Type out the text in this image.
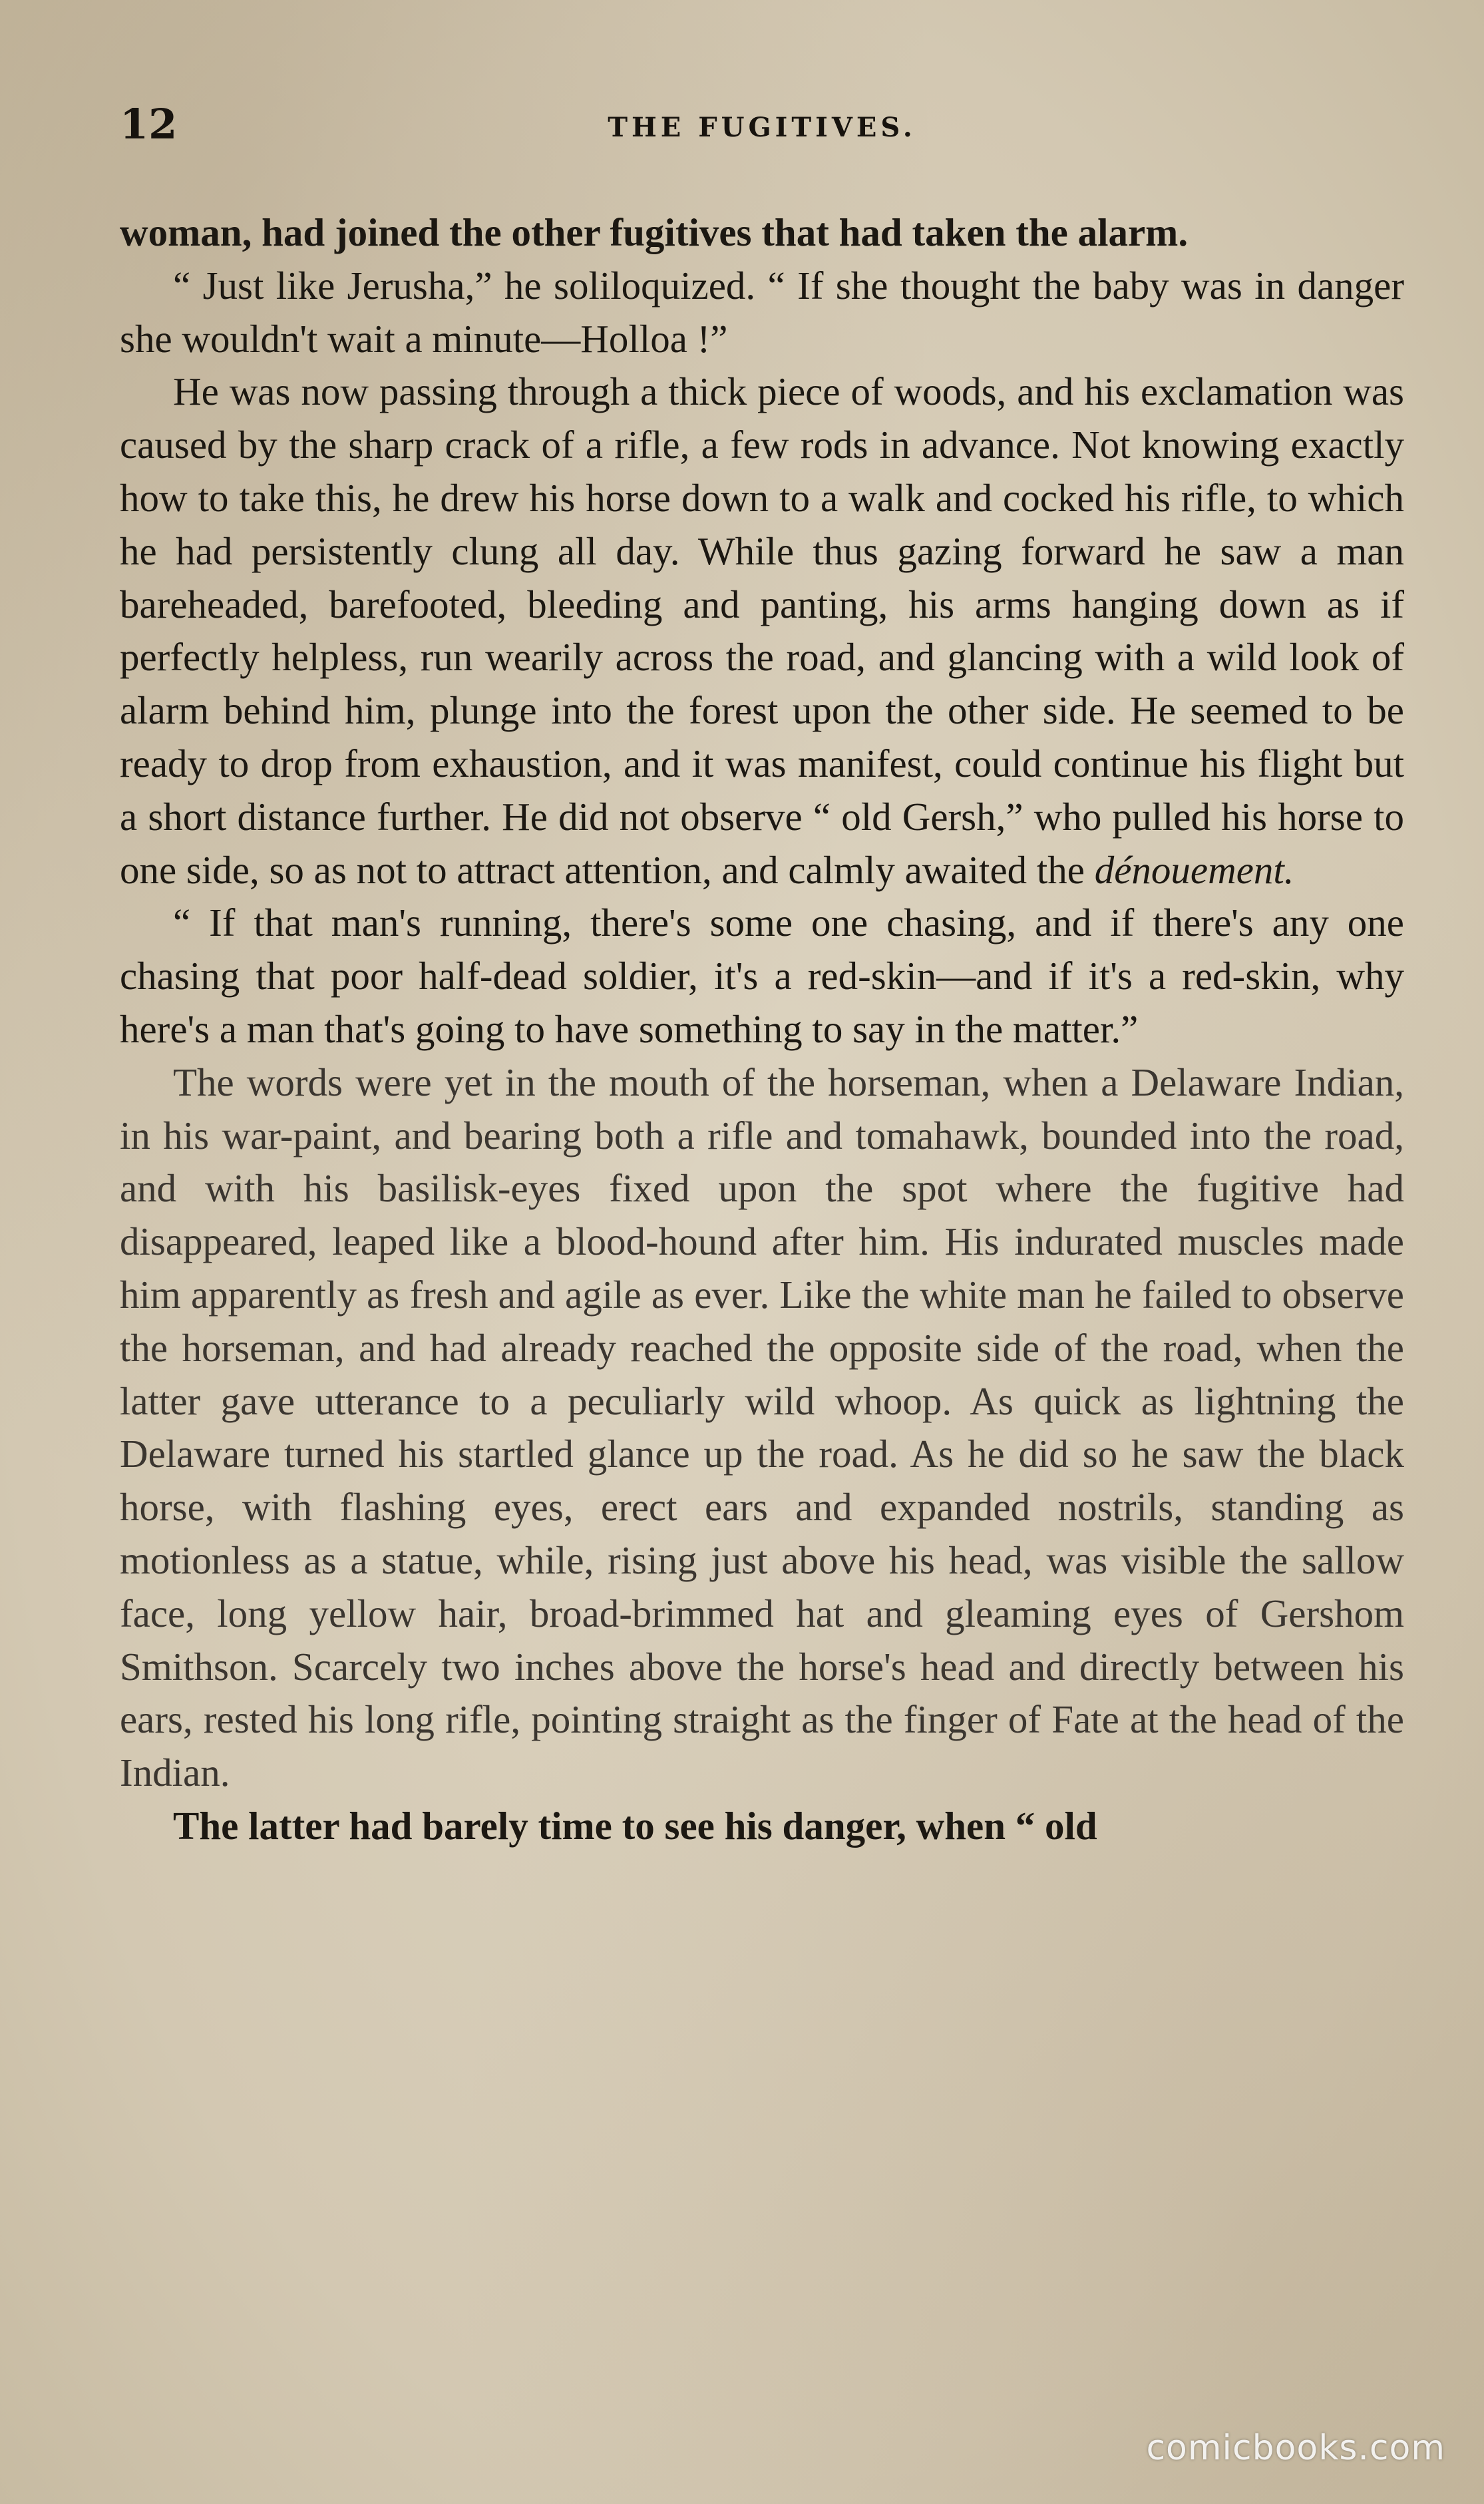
12	THE FUGITIVES.

woman, had joined the other fugitives that had taken the alarm.

“ Just like Jerusha,” he soliloquized. “ If she thought the baby was in danger she wouldn't wait a minute—Holloa !”

He was now passing through a thick piece of woods, and his exclamation was caused by the sharp crack of a rifle, a few rods in advance. Not knowing exactly how to take this, he drew his horse down to a walk and cocked his rifle, to which he had persistently clung all day. While thus gazing forward he saw a man bareheaded, barefooted, bleeding and panting, his arms hanging down as if perfectly helpless, run wearily across the road, and glancing with a wild look of alarm behind him, plunge into the forest upon the other side. He seemed to be ready to drop from exhaustion, and it was manifest, could continue his flight but a short distance further. He did not observe “ old Gersh,” who pulled his horse to one side, so as not to attract attention, and calmly awaited the dénouement.

“ If that man's running, there's some one chasing, and if there's any one chasing that poor half-dead soldier, it's a red-skin—and if it's a red-skin, why here's a man that's going to have something to say in the matter.”

The words were yet in the mouth of the horseman, when a Delaware Indian, in his war-paint, and bearing both a rifle and tomahawk, bounded into the road, and with his basilisk-eyes fixed upon the spot where the fugitive had disappeared, leaped like a blood-hound after him. His indurated muscles made him apparently as fresh and agile as ever. Like the white man he failed to observe the horseman, and had already reached the opposite side of the road, when the latter gave utterance to a peculiarly wild whoop. As quick as lightning the Delaware turned his startled glance up the road. As he did so he saw the black horse, with flashing eyes, erect ears and expanded nostrils, standing as motionless as a statue, while, rising just above his head, was visible the sallow face, long yellow hair, broad-brimmed hat and gleaming eyes of Gershom Smithson. Scarcely two inches above the horse's head and directly between his ears, rested his long rifle, pointing straight as the finger of Fate at the head of the Indian.

The latter had barely time to see his danger, when “ old

comicbooks.com
